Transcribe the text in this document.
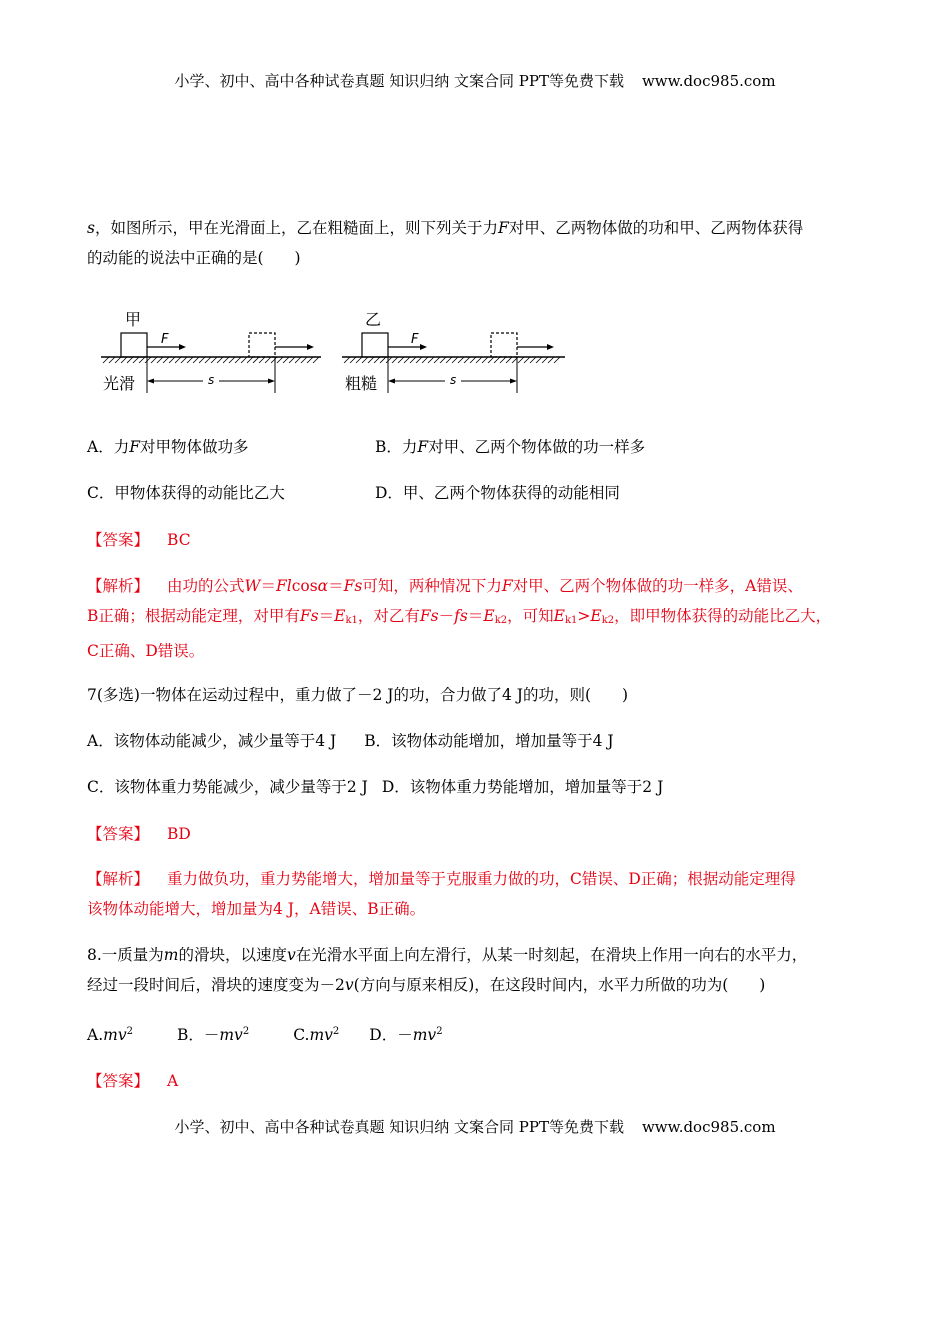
小学、初中、高中各种试卷真题 知识归纳 文案合同 PPT等免费下载 www.doc985.com
s，如图所示，甲在光滑面上，乙在粗糙面上，则下列关于力F对甲、乙两物体做的功和甲、乙两物体获得
的动能的说法中正确的是(　　)
甲
F
s
光滑
乙
F
s
粗糙
A．力F对甲物体做功多	B．力F对甲、乙两个物体做的功一样多
C．甲物体获得的动能比乙大	D．甲、乙两个物体获得的动能相同
【答案】 BC
【解析】 由功的公式W＝Flcosα＝Fs可知，两种情况下力F对甲、乙两个物体做的功一样多，A错误、
B正确；根据动能定理，对甲有$Fs=E_{k1}$，对乙有$Fs-fs=E_{k2}$，可知$E_{k1}>E_{k2}$，即甲物体获得的动能比乙大，
C正确、D错误。
7(多选)一物体在运动过程中，重力做了－2 J的功，合力做了4 J的功，则(　　)
A．该物体动能减少，减少量等于4 J B．该物体动能增加，增加量等于4 J
C．该物体重力势能减少，减少量等于2 J D．该物体重力势能增加，增加量等于2 J
【答案】 BD
【解析】 重力做负功，重力势能增大，增加量等于克服重力做的功，C错误、D正确；根据动能定理得
该物体动能增大，增加量为4 J，A错误、B正确。
8.一质量为m的滑块，以速度v在光滑水平面上向左滑行，从某一时刻起，在滑块上作用一向右的水平力，
经过一段时间后，滑块的速度变为－2v(方向与原来相反)，在这段时间内，水平力所做的功为(　　)
$A.mv^2$	B．$-mv^2$	$C.mv^2$ D．$-mv^2$
【答案】 A
小学、初中、高中各种试卷真题 知识归纳 文案合同 PPT等免费下载 www.doc985.com
